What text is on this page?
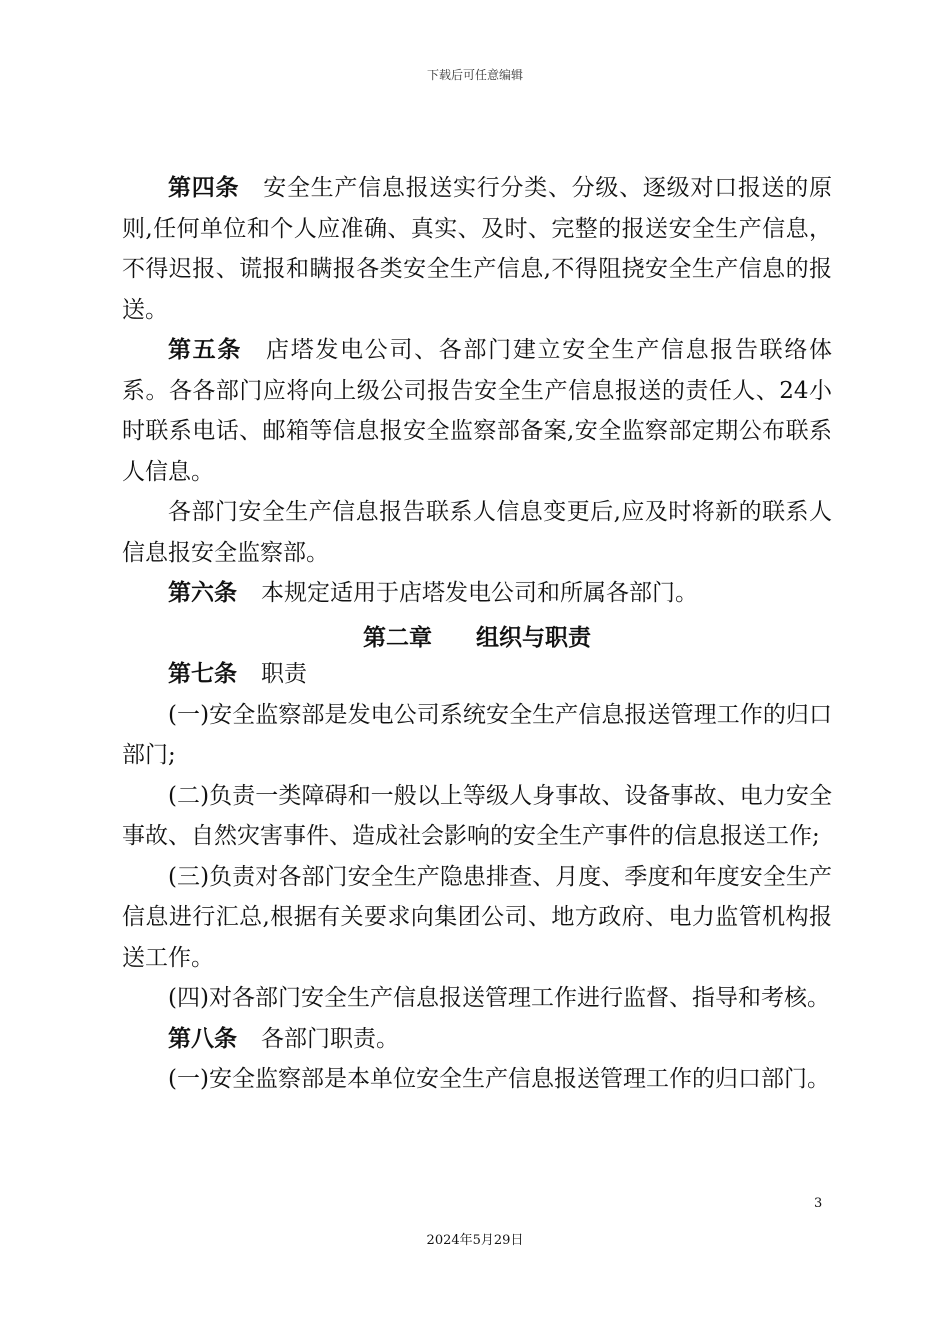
下载后可任意编辑

第四条 安全生产信息报送实行分类、分级、逐级对口报送的原则,任何单位和个人应准确、真实、及时、完整的报送安全生产信息，不得迟报、谎报和瞒报各类安全生产信息,不得阻挠安全生产信息的报送。

第五条 店塔发电公司、各部门建立安全生产信息报告联络体系。各各部门应将向上级公司报告安全生产信息报送的责任人、24小时联系电话、邮箱等信息报安全监察部备案,安全监察部定期公布联系人信息。

各部门安全生产信息报告联系人信息变更后,应及时将新的联系人信息报安全监察部。

第六条 本规定适用于店塔发电公司和所属各部门。

第二章 组织与职责

第七条 职责

(一)安全监察部是发电公司系统安全生产信息报送管理工作的归口部门;

(二)负责一类障碍和一般以上等级人身事故、设备事故、电力安全事故、自然灾害事件、造成社会影响的安全生产事件的信息报送工作;

(三)负责对各部门安全生产隐患排查、月度、季度和年度安全生产信息进行汇总,根据有关要求向集团公司、地方政府、电力监管机构报送工作。

(四)对各部门安全生产信息报送管理工作进行监督、指导和考核。

第八条 各部门职责。

(一)安全监察部是本单位安全生产信息报送管理工作的归口部门。

3
2024年5月29日
